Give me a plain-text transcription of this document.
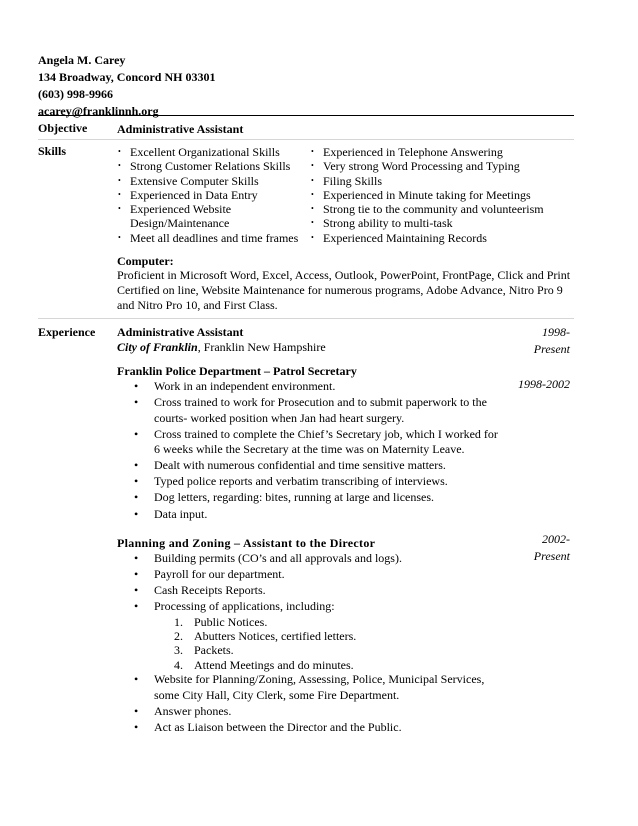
Angela M. Carey
134 Broadway, Concord NH 03301
(603) 998-9966
acarey@franklinnh.org
Objective Administrative Assistant
Skills
•	Excellent Organizational Skills
• Strong Customer Relations Skills
• Extensive Computer Skills
• Experienced in Data Entry
• Experienced Website Design/Maintenance
• Meet all deadlines and time frames
• Experienced in Telephone Answering
• Very strong Word Processing and Typing
• Filing Skills
• Experienced in Minute taking for Meetings
• Strong tie to the community and volunteerism
• Strong ability to multi-task
• Experienced Maintaining Records
Computer:
Proficient in Microsoft Word, Excel, Access, Outlook, PowerPoint, FrontPage, Click and Print Certified on line, Website Maintenance for numerous programs, Adobe Advance, Nitro Pro 9 and Nitro Pro 10, and First Class.
Experience Administrative Assistant
City of Franklin, Franklin New Hampshire
1998-
Present
Franklin Police Department – Patrol Secretary
1998-2002
• Work in an independent environment.
• Cross trained to work for Prosecution and to submit paperwork to the courts- worked position when Jan had heart surgery.
• Cross trained to complete the Chief’s Secretary job, which I worked for 6 weeks while the Secretary at the time was on Maternity Leave.
• Dealt with numerous confidential and time sensitive matters.
• Typed police reports and verbatim transcribing of interviews.
• Dog letters, regarding: bites, running at large and licenses.
• Data input.
Planning and Zoning – Assistant to the Director	2002-
Present
• Building permits (CO’s and all approvals and logs).
• Payroll for our department.
• Cash Receipts Reports.
• Processing of applications, including:
1. Public Notices.
2. Abutters Notices, certified letters.
3. Packets.
4. Attend Meetings and do minutes.
• Website for Planning/Zoning, Assessing, Police, Municipal Services, some City Hall, City Clerk, some Fire Department.
• Answer phones.
• Act as Liaison between the Director and the Public.
